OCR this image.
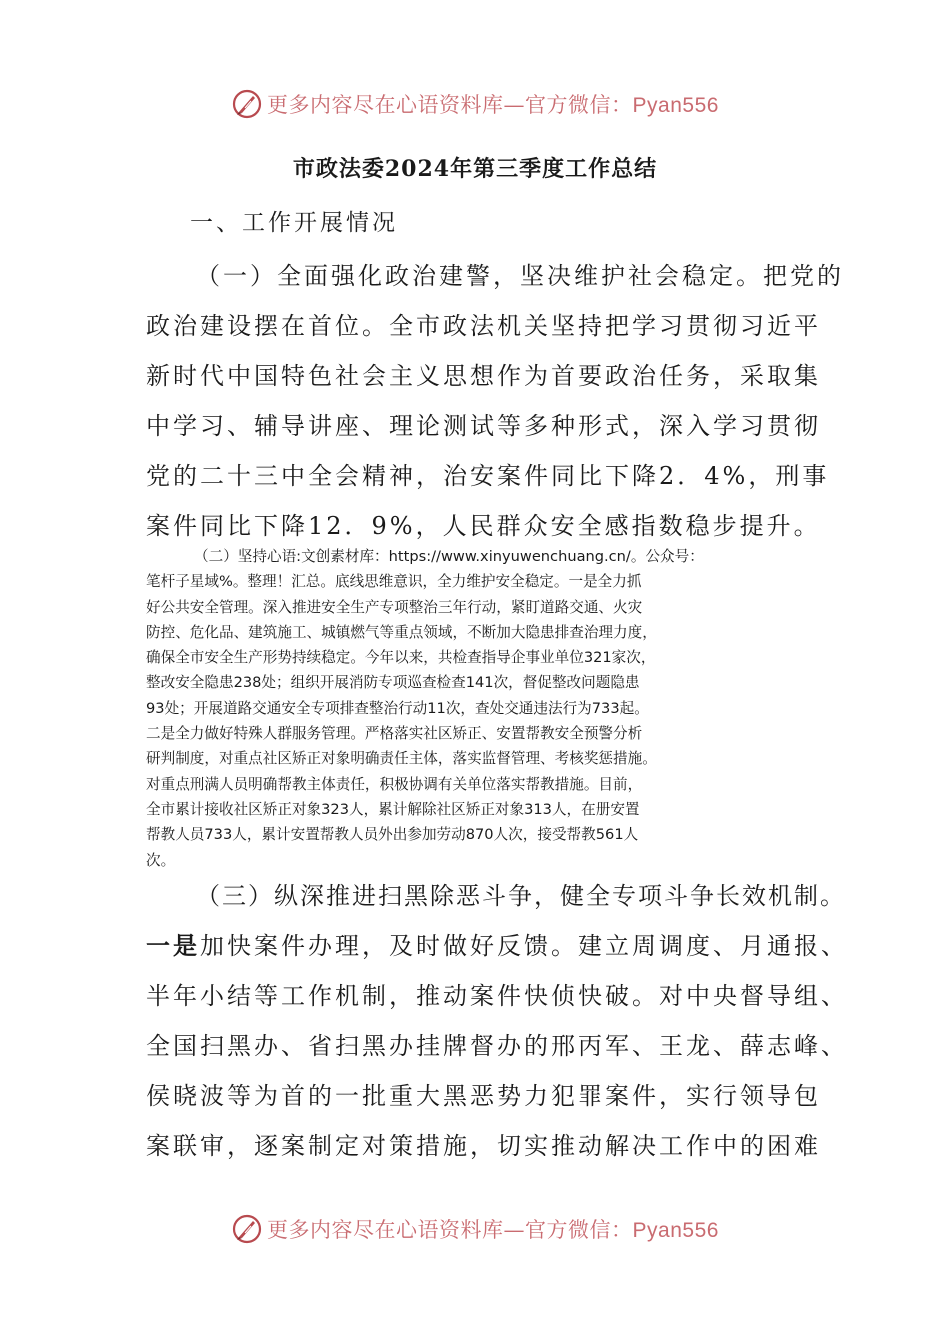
更多内容尽在心语资料库—官方微信：Pyan556
市政法委2024年第三季度工作总结
一、工作开展情况
（一）全面强化政治建警，坚决维护社会稳定。把党的
政治建设摆在首位。全市政法机关坚持把学习贯彻习近平
新时代中国特色社会主义思想作为首要政治任务，采取集
中学习、辅导讲座、理论测试等多种形式，深入学习贯彻
党的二十三中全会精神，治安案件同比下降2．4%，刑事
案件同比下降12．9%，人民群众安全感指数稳步提升。
（二）坚持心语:文创素材库：https://www.xinyuwenchuang.cn/。公众号：
笔杆子星域%。整理！汇总。底线思维意识，全力维护安全稳定。一是全力抓
好公共安全管理。深入推进安全生产专项整治三年行动，紧盯道路交通、火灾
防控、危化品、建筑施工、城镇燃气等重点领域，不断加大隐患排查治理力度，
确保全市安全生产形势持续稳定。今年以来，共检查指导企事业单位321家次，
整改安全隐患238处；组织开展消防专项巡查检查141次，督促整改问题隐患
93处；开展道路交通安全专项排查整治行动11次，查处交通违法行为733起。
二是全力做好特殊人群服务管理。严格落实社区矫正、安置帮教安全预警分析
研判制度，对重点社区矫正对象明确责任主体，落实监督管理、考核奖惩措施。
对重点刑满人员明确帮教主体责任，积极协调有关单位落实帮教措施。目前，
全市累计接收社区矫正对象323人，累计解除社区矫正对象313人，在册安置
帮教人员733人，累计安置帮教人员外出参加劳动870人次，接受帮教561人
次。
（三）纵深推进扫黑除恶斗争，健全专项斗争长效机制。
一是加快案件办理，及时做好反馈。建立周调度、月通报、
半年小结等工作机制，推动案件快侦快破。对中央督导组、
全国扫黑办、省扫黑办挂牌督办的邢丙军、王龙、薛志峰、
侯晓波等为首的一批重大黑恶势力犯罪案件，实行领导包
案联审，逐案制定对策措施，切实推动解决工作中的困难
更多内容尽在心语资料库—官方微信：Pyan556
